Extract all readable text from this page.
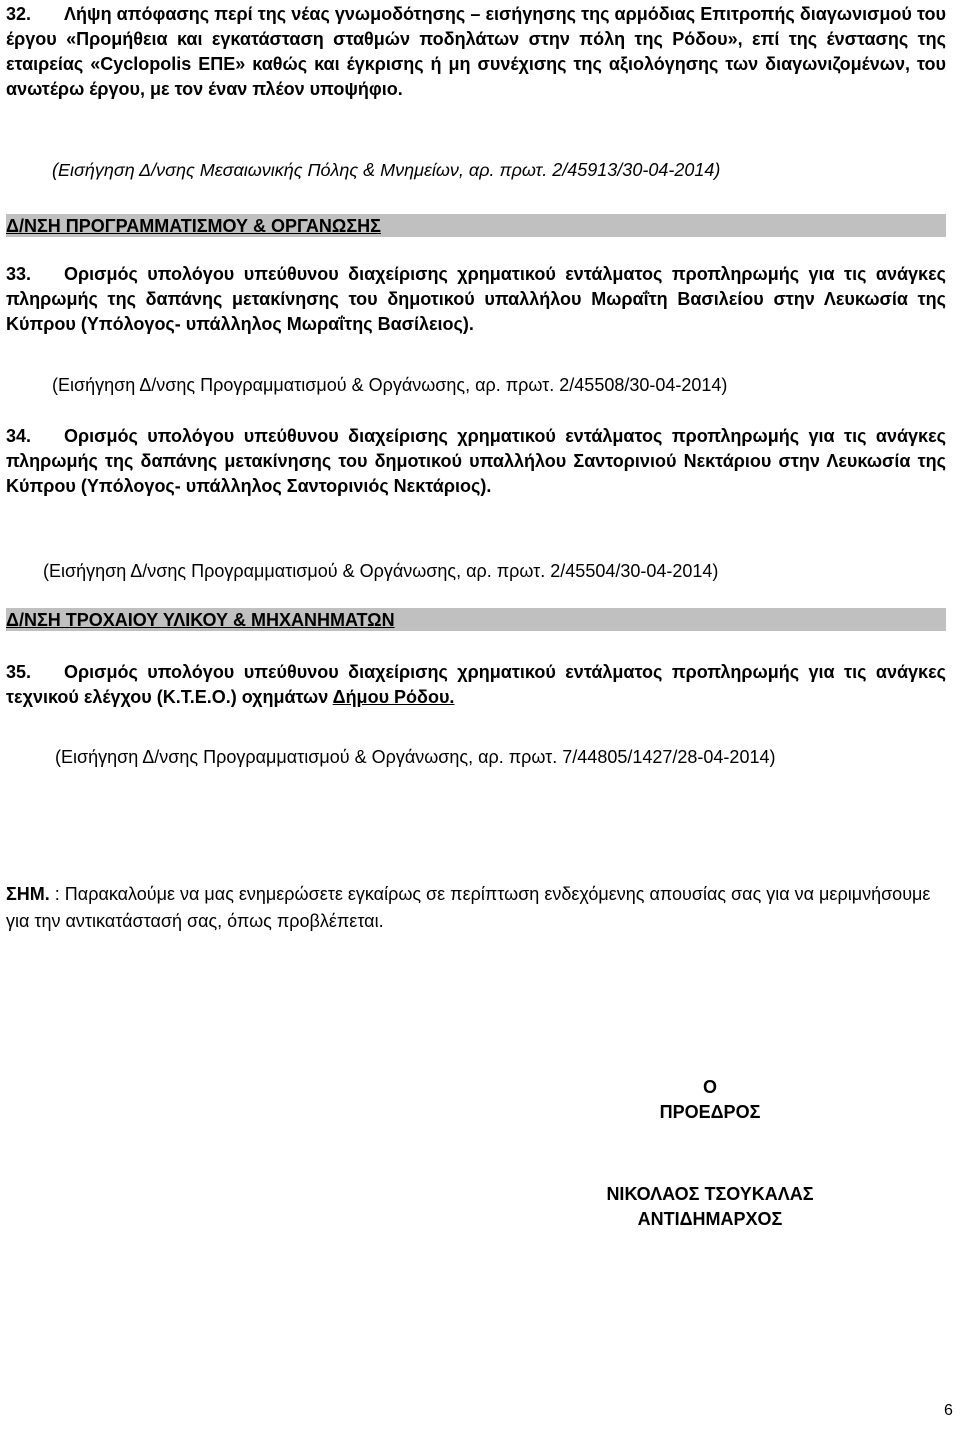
32. Λήψη απόφασης περί της νέας γνωμοδότησης – εισήγησης της αρμόδιας Επιτροπής διαγωνισμού του έργου «Προμήθεια και εγκατάσταση σταθμών ποδηλάτων στην πόλη της Ρόδου», επί της ένστασης της εταιρείας «Cyclopolis ΕΠΕ» καθώς και έγκρισης ή μη συνέχισης της αξιολόγησης των διαγωνιζομένων, του ανωτέρω έργου, με τον έναν πλέον υποψήφιο.
(Εισήγηση Δ/νσης Μεσαιωνικής Πόλης & Μνημείων, αρ. πρωτ. 2/45913/30-04-2014)
Δ/ΝΣΗ ΠΡΟΓΡΑΜΜΑΤΙΣΜΟΥ & ΟΡΓΑΝΩΣΗΣ
33. Ορισμός υπολόγου υπεύθυνου διαχείρισης χρηματικού εντάλματος προπληρωμής για τις ανάγκες πληρωμής της δαπάνης μετακίνησης του δημοτικού υπαλλήλου Μωραΐτη Βασιλείου στην Λευκωσία της Κύπρου (Υπόλογος- υπάλληλος Μωραΐτης Βασίλειος).
(Εισήγηση Δ/νσης Προγραμματισμού & Οργάνωσης, αρ. πρωτ. 2/45508/30-04-2014)
34. Ορισμός υπολόγου υπεύθυνου διαχείρισης χρηματικού εντάλματος προπληρωμής για τις ανάγκες πληρωμής της δαπάνης μετακίνησης του δημοτικού υπαλλήλου Σαντορινιού Νεκτάριου στην Λευκωσία της Κύπρου (Υπόλογος- υπάλληλος Σαντορινιός Νεκτάριος).
(Εισήγηση Δ/νσης Προγραμματισμού & Οργάνωσης, αρ. πρωτ. 2/45504/30-04-2014)
Δ/ΝΣΗ ΤΡΟΧΑΙΟΥ ΥΛΙΚΟΥ & ΜΗΧΑΝΗΜΑΤΩΝ
35. Ορισμός υπολόγου υπεύθυνου διαχείρισης χρηματικού εντάλματος προπληρωμής για τις ανάγκες τεχνικού ελέγχου (Κ.Τ.Ε.Ο.) οχημάτων Δήμου Ρόδου.
(Εισήγηση Δ/νσης Προγραμματισμού & Οργάνωσης, αρ. πρωτ. 7/44805/1427/28-04-2014)
ΣΗΜ. : Παρακαλούμε να μας ενημερώσετε εγκαίρως σε περίπτωση ενδεχόμενης απουσίας σας για να μεριμνήσουμε για την αντικατάστασή σας, όπως προβλέπεται.
Ο
ΠΡΟΕΔΡΟΣ
ΝΙΚΟΛΑΟΣ ΤΣΟΥΚΑΛΑΣ
ΑΝΤΙΔΗΜΑΡΧΟΣ
6
